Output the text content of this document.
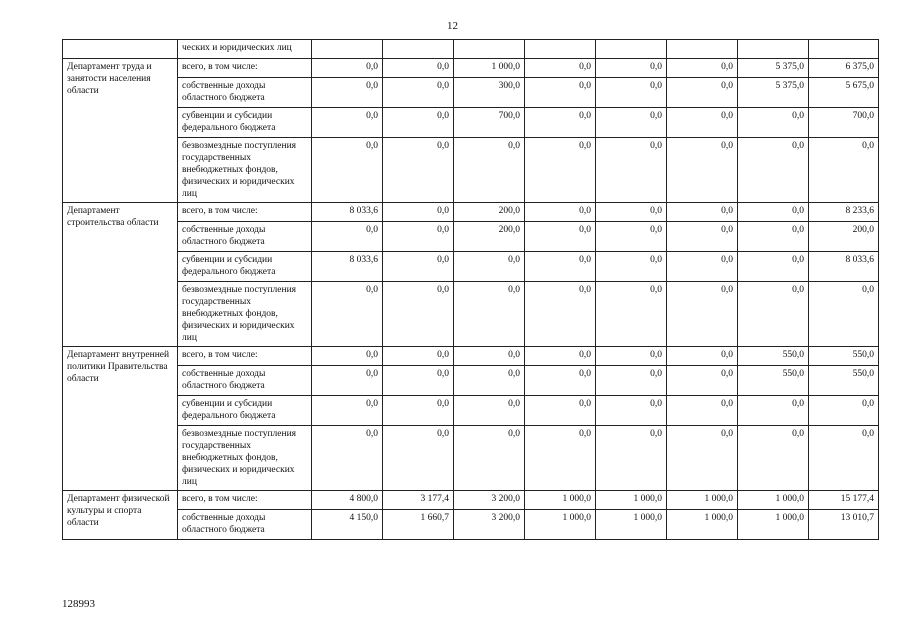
12
	ческих и юридических лиц								
Департамент труда и занятости населения области	всего, в том числе:	0,0	0,0	1 000,0	0,0	0,0	0,0	5 375,0	6 375,0
	собственные доходы областного бюджета	0,0	0,0	300,0	0,0	0,0	0,0	5 375,0	5 675,0
	субвенции и субсидии федерального бюджета	0,0	0,0	700,0	0,0	0,0	0,0	0,0	700,0
	безвозмездные поступления государственных внебюджетных фондов, физических и юридических лиц	0,0	0,0	0,0	0,0	0,0	0,0	0,0	0,0
Департамент строительства области	всего, в том числе:	8 033,6	0,0	200,0	0,0	0,0	0,0	0,0	8 233,6
	собственные доходы областного бюджета	0,0	0,0	200,0	0,0	0,0	0,0	0,0	200,0
	субвенции и субсидии федерального бюджета	8 033,6	0,0	0,0	0,0	0,0	0,0	0,0	8 033,6
	безвозмездные поступления государственных внебюджетных фондов, физических и юридических лиц	0,0	0,0	0,0	0,0	0,0	0,0	0,0	0,0
Департамент внутренней политики Правительства области	всего, в том числе:	0,0	0,0	0,0	0,0	0,0	0,0	550,0	550,0
	собственные доходы областного бюджета	0,0	0,0	0,0	0,0	0,0	0,0	550,0	550,0
	субвенции и субсидии федерального бюджета	0,0	0,0	0,0	0,0	0,0	0,0	0,0	0,0
	безвозмездные поступления государственных внебюджетных фондов, физических и юридических лиц	0,0	0,0	0,0	0,0	0,0	0,0	0,0	0,0
Департамент физической культуры и спорта области	всего, в том числе:	4 800,0	3 177,4	3 200,0	1 000,0	1 000,0	1 000,0	1 000,0	15 177,4
	собственные доходы областного бюджета	4 150,0	1 660,7	3 200,0	1 000,0	1 000,0	1 000,0	1 000,0	13 010,7
128993
